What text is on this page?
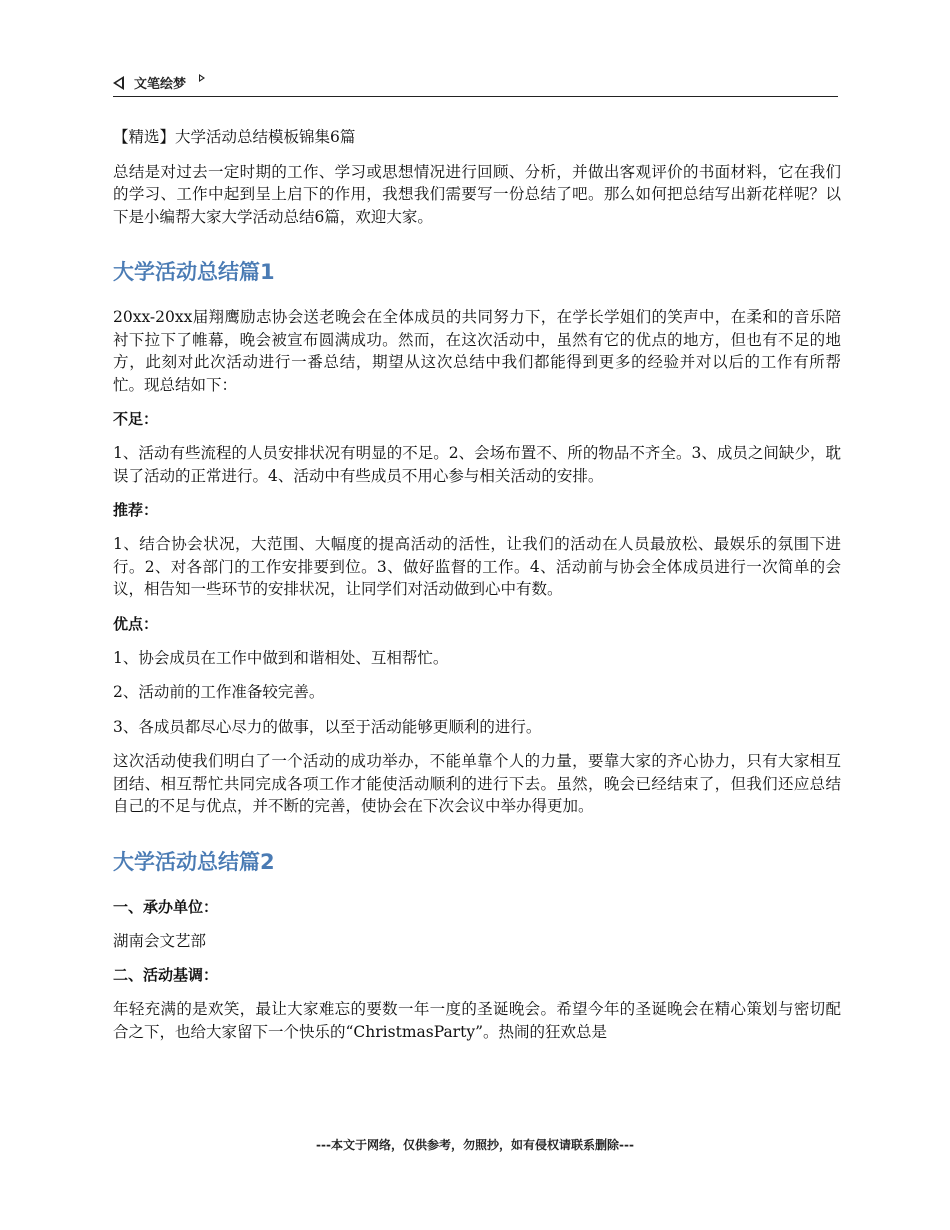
文笔绘梦

【精选】大学活动总结模板锦集6篇

总结是对过去一定时期的工作、学习或思想情况进行回顾、分析，并做出客观评价的书面材料，它在我们的学习、工作中起到呈上启下的作用，我想我们需要写一份总结了吧。那么如何把总结写出新花样呢？以下是小编帮大家大学活动总结6篇，欢迎大家。

大学活动总结篇1

20xx-20xx届翔鹰励志协会送老晚会在全体成员的共同努力下，在学长学姐们的笑声中，在柔和的音乐陪衬下拉下了帷幕，晚会被宣布圆满成功。然而，在这次活动中，虽然有它的优点的地方，但也有不足的地方，此刻对此次活动进行一番总结，期望从这次总结中我们都能得到更多的经验并对以后的工作有所帮忙。现总结如下：

不足：

1、活动有些流程的人员安排状况有明显的不足。2、会场布置不、所的物品不齐全。3、成员之间缺少，耽误了活动的正常进行。4、活动中有些成员不用心参与相关活动的安排。

推荐：

1、结合协会状况，大范围、大幅度的提高活动的活性，让我们的活动在人员最放松、最娱乐的氛围下进行。2、对各部门的工作安排要到位。3、做好监督的工作。4、活动前与协会全体成员进行一次简单的会议，相告知一些环节的安排状况，让同学们对活动做到心中有数。

优点：

1、协会成员在工作中做到和谐相处、互相帮忙。

2、活动前的工作准备较完善。

3、各成员都尽心尽力的做事，以至于活动能够更顺利的进行。

这次活动使我们明白了一个活动的成功举办，不能单靠个人的力量，要靠大家的齐心协力，只有大家相互团结、相互帮忙共同完成各项工作才能使活动顺利的进行下去。虽然，晚会已经结束了，但我们还应总结自己的不足与优点，并不断的完善，使协会在下次会议中举办得更加。

大学活动总结篇2
一、承办单位：

湖南会文艺部

二、活动基调：

年轻充满的是欢笑，最让大家难忘的要数一年一度的圣诞晚会。希望今年的圣诞晚会在精心策划与密切配合之下，也给大家留下一个快乐的“ChristmasParty”。热闹的狂欢总是

---本文于网络，仅供参考，勿照抄，如有侵权请联系删除---
